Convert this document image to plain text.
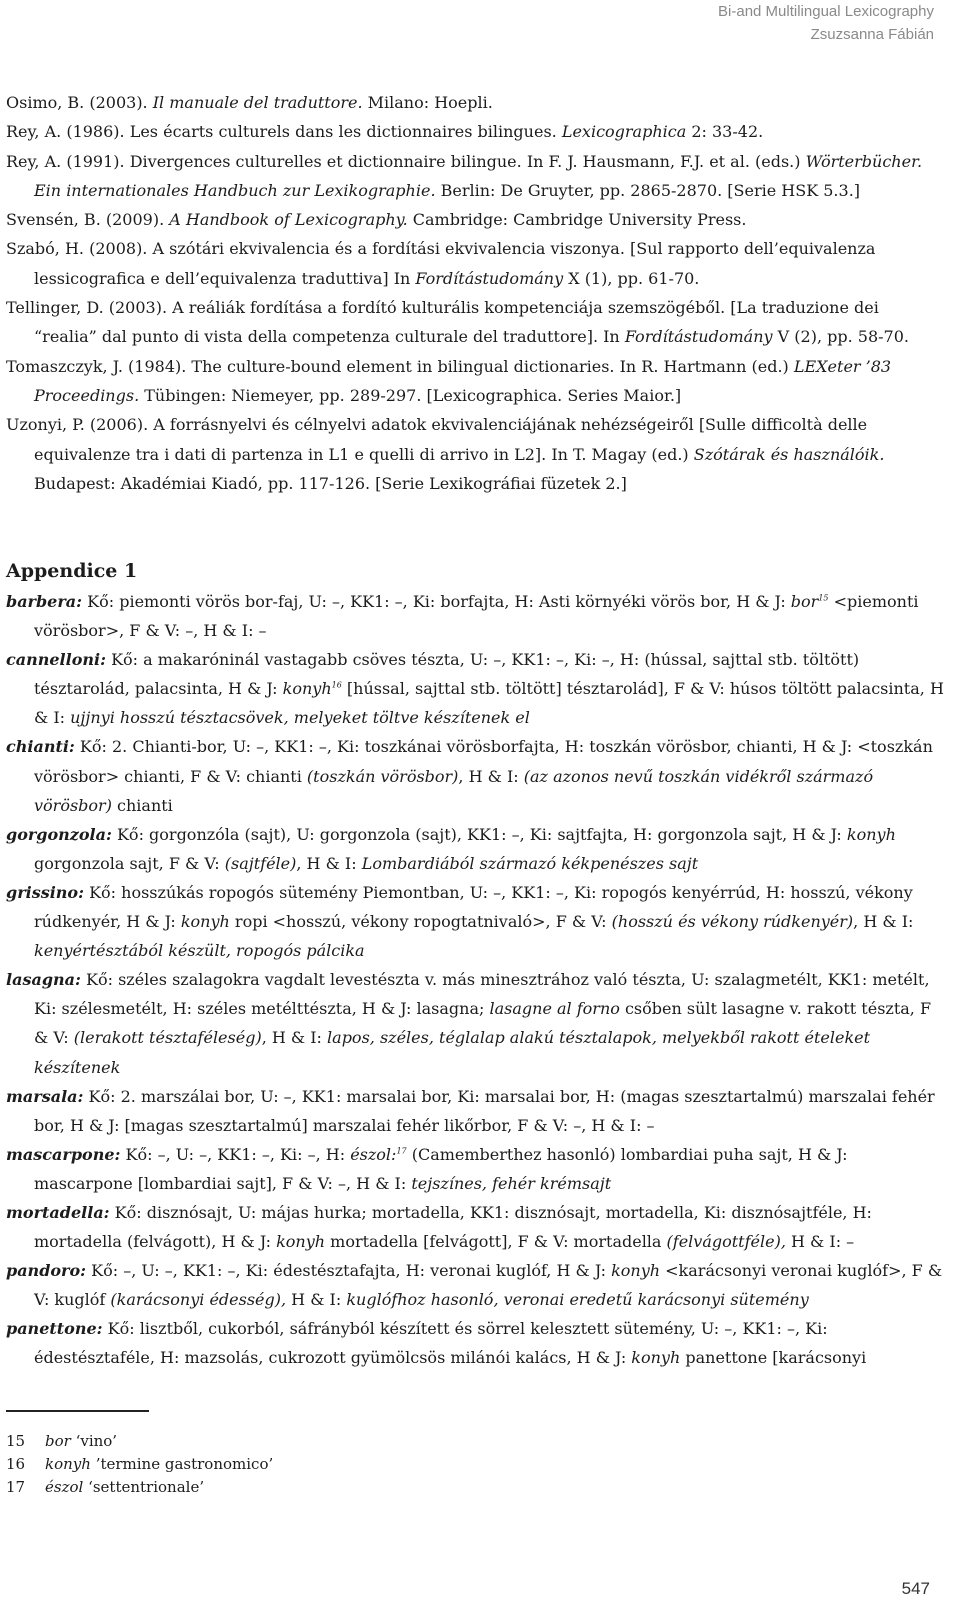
Bi-and Multilingual Lexicography
Zsuzsanna Fábián
Osimo, B. (2003). Il manuale del traduttore. Milano: Hoepli.
Rey, A. (1986). Les écarts culturels dans les dictionnaires bilingues. Lexicographica 2: 33-42.
Rey, A. (1991). Divergences culturelles et dictionnaire bilingue. In F. J. Hausmann, F.J. et al. (eds.) Wörterbücher. Ein internationales Handbuch zur Lexikographie. Berlin: De Gruyter, pp. 2865-2870. [Serie HSK 5.3.]
Svensén, B. (2009). A Handbook of Lexicography. Cambridge: Cambridge University Press.
Szabó, H. (2008). A szótári ekvivalencia és a fordítási ekvivalencia viszonya. [Sul rapporto dell’equivalenza lessicografica e dell’equivalenza traduttiva] In Fordítástudomány X (1), pp. 61-70.
Tellinger, D. (2003). A reáliák fordítása a fordító kulturális kompetenciája szemszögéből. [La traduzione dei “realia” dal punto di vista della competenza culturale del traduttore]. In Fordítástudomány V (2), pp. 58-70.
Tomaszczyk, J. (1984). The culture-bound element in bilingual dictionaries. In R. Hartmann (ed.) LEXeter ’83 Proceedings. Tübingen: Niemeyer, pp. 289-297. [Lexicographica. Series Maior.]
Uzonyi, P. (2006). A forrásnyelvi és célnyelvi adatok ekvivalenciájának nehézségeiről [Sulle difficoltà delle equivalenze tra i dati di partenza in L1 e quelli di arrivo in L2]. In T. Magay (ed.) Szótárak és használóik. Budapest: Akadémiai Kiadó, pp. 117-126. [Serie Lexikográfiai füzetek 2.]
Appendice 1
barbera: Kő: piemonti vörös bor-faj, U: –, KK1: –, Ki: borfajta, H: Asti környéki vörös bor, H & J: bor$^{15}$ <piemonti vörösbor>, F & V: –, H & I: –
cannelloni: Kő: a makaróninál vastagabb csöves tészta, U: –, KK1: –, Ki: –, H: (hússal, sajttal stb. töltött) tésztarolád, palacsinta, H & J: konyh$^{16}$ [hússal, sajttal stb. töltött] tésztarolád], F & V: húsos töltött palacsinta, H & I: ujjnyi hosszú tésztacsövek, melyeket töltve készítenek el
chianti: Kő: 2. Chianti-bor, U: –, KK1: –, Ki: toszkánai vörösborfajta, H: toszkán vörösbor, chianti, H & J: <toszkán vörösbor> chianti, F & V: chianti (toszkán vörösbor), H & I: (az azonos nevű toszkán vidékről származó vörösbor) chianti
gorgonzola: Kő: gorgonzóla (sajt), U: gorgonzola (sajt), KK1: –, Ki: sajtfajta, H: gorgonzola sajt, H & J: konyh gorgonzola sajt, F & V: (sajtféle), H & I: Lombardiából származó kékpenészes sajt
grissino: Kő: hosszúkás ropogós sütemény Piemontban, U: –, KK1: –, Ki: ropogós kenyérrúd, H: hosszú, vékony rúdkenyér, H & J: konyh ropi <hosszú, vékony ropogtatnivaló>, F & V: (hosszú és vékony rúdkenyér), H & I: kenyértésztából készült, ropogós pálcika
lasagna: Kő: széles szalagokra vagdalt levestészta v. más minesztrához való tészta, U: szalagmetélt, KK1: metélt, Ki: szélesmetélt, H: széles metélttészta, H & J: lasagna; lasagne al forno csőben sült lasagne v. rakott tészta, F & V: (lerakott tésztaféleség), H & I: lapos, széles, téglalap alakú tésztalapok, melyekből rakott ételeket készítenek
marsala: Kő: 2. marszálai bor, U: –, KK1: marsalai bor, Ki: marsalai bor, H: (magas szesztartalmú) marszalai fehér bor, H & J: [magas szesztartalmú] marszalai fehér likőrbor, F & V: –, H & I: –
mascarpone: Kő: –, U: –, KK1: –, Ki: –, H: észol:$^{17}$ (Camemberthez hasonló) lombardiai puha sajt, H & J: mascarpone [lombardiai sajt], F & V: –, H & I: tejszínes, fehér krémsajt
mortadella: Kő: disznósajt, U: májas hurka; mortadella, KK1: disznósajt, mortadella, Ki: disznósajtféle, H: mortadella (felvágott), H & J: konyh mortadella [felvágott], F & V: mortadella (felvágottféle), H & I: –
pandoro: Kő: –, U: –, KK1: –, Ki: édestésztafajta, H: veronai kuglóf, H & J: konyh <karácsonyi veronai kuglóf>, F & V: kuglóf (karácsonyi édesség), H & I: kuglófhoz hasonló, veronai eredetű karácsonyi sütemény
panettone: Kő: lisztből, cukorból, sáfrányból készített és sörrel kelesztett sütemény, U: –, KK1: –, Ki: édestésztaféle, H: mazsolás, cukrozott gyümölcsös milánói kalács, H & J: konyh panettone [karácsonyi
15	bor ‘vino’
16	konyh ’termine gastronomico’
17	észol ‘settentrionale’
547
